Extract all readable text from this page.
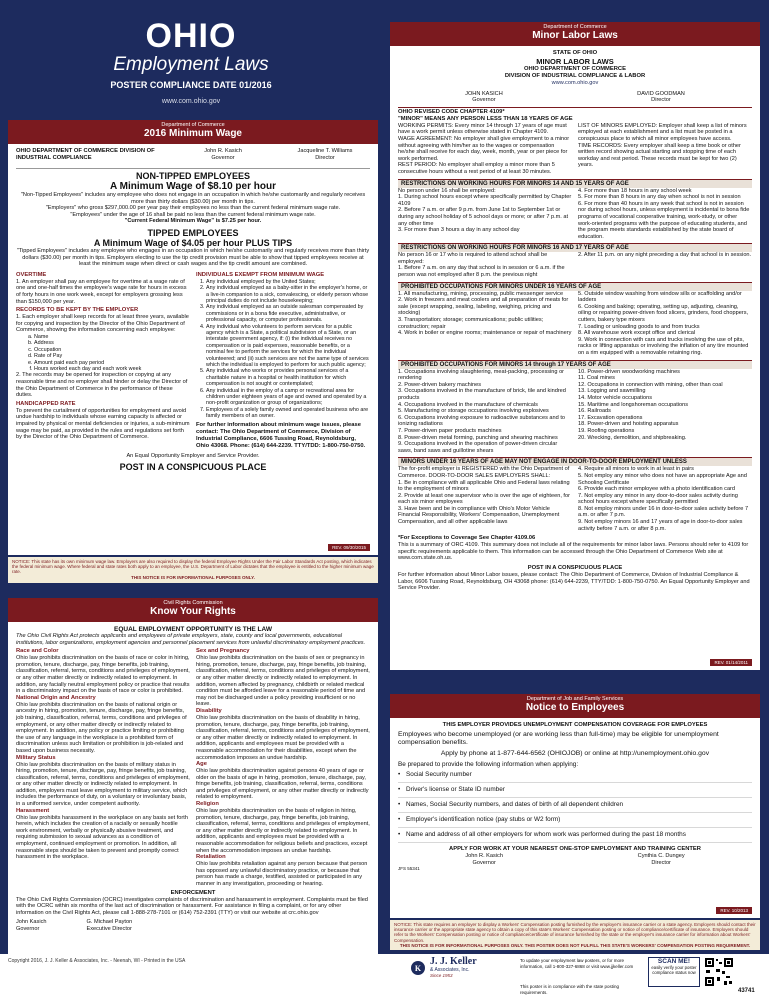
OHIO
Employment Laws
POSTER COMPLIANCE DATE 01/2016
www.com.ohio.gov
Department of Commerce
2016 Minimum Wage
OHIO DEPARTMENT OF COMMERCE DIVISION OF INDUSTRIAL COMPLIANCE
John R. Kasich
Governor
Jacqueline T. Williams
Director
NON-TIPPED EMPLOYEES
A Minimum Wage of $8.10 per hour
"Non-Tipped Employees" includes any employee who does not engage in an occupation in which he/she customarily and regularly receives more than thirty dollars ($30.00) per month in tips.
"Employers" who gross $297,000.00 per year pay their employees no less than the current federal minimum wage rate.
"Employees" under the age of 16 shall be paid no less than the current federal minimum wage rate.
"Current Federal Minimum Wage" is $7.25 per hour.
TIPPED EMPLOYEES
A Minimum Wage of $4.05 per hour PLUS TIPS
"Tipped Employees" includes any employee who engages in an occupation in which he/she customarily and regularly receives more than thirty dollars ($30.00) per month in tips. Employers electing to use the tip credit provision must be able to show that tipped employees receive at least the minimum wage when direct or cash wages and the tip credit amount are combined.
OVERTIME
1. An employer shall pay an employee for overtime at a wage rate of one and one-half times the employee's wage rate for hours in excess of forty hours in one work week, except for employers grossing less than $150,000 per year.
RECORDS TO BE KEPT BY THE EMPLOYER
1. Each employer shall keep records for at least three years, available for copying and inspection by the Director of the Ohio Department of Commerce, showing the information concerning each employee:
a. Name
b. Address
c. Occupation
d. Rate of Pay
e. Amount paid each pay period
f. Hours worked each day and each work week
2. The records may be opened for inspection or copying at any reasonable time and no employer shall hinder or delay the Director of the Ohio Department of Commerce in the performance of these duties.
HANDICAPPED RATE
To prevent the curtailment of opportunities for employment and avoid undue hardship to individuals whose earning capacity is affected or impaired by physical or mental deficiencies or injuries, a sub-minimum wage may be paid, as provided in the rules and regulations set forth by the Director of the Ohio Department of Commerce.
INDIVIDUALS EXEMPT FROM MINIMUM WAGE
1. Any individual employed by the United States;
2. Any individual employed as a baby-sitter in the employer's home, or a live-in companion to a sick, convalescing, or elderly person whose principal duties do not include housekeeping;
3. Any individual employed as an outside salesman compensated by commissions or in a bona fide executive, administrative, or professional capacity, or computer professionals.
4. Any individual who volunteers to perform services for a public agency which is a State, a political subdivision of a State, or an interstate government agency, if: (i) the individual receives no compensation or is paid expenses, reasonable benefits, or a nominal fee to perform the services for which the individual volunteered; and (ii) such services are not the same type of services which the individual is employed to perform for such public agency;
5. Any individual who works or provides personal services of a charitable nature in a hospital or health institution for which compensation is not sought or contemplated;
6. Any individual in the employ of a camp or recreational area for children under eighteen years of age and owned and operated by a non-profit organization or group of organizations;
7. Employees of a solely family owned and operated business who are family members of an owner.
For further information about minimum wage issues, please contact: The Ohio Department of Commerce, Division of Industrial Compliance, 6606 Tussing Road, Reynoldsburg, Ohio 43068. Phone: (614) 644-2239. TTY/TDD: 1-800-750-0750.
An Equal Opportunity Employer and Service Provider.
POST IN A CONSPICUOUS PLACE
REV. 09/30/2015
NOTICE: This state has its own minimum wage law. Employers are also required to display the federal Employee Rights Under the Fair Labor Standards Act posting, which indicates the federal minimum wage. Where federal and state rates both apply to an employee, the U.S. Department of Labor dictates that the employee is entitled to the higher minimum wage rate.
THIS NOTICE IS FOR INFORMATIONAL PURPOSES ONLY.
Civil Rights Commission
Know Your Rights
EQUAL EMPLOYMENT OPPORTUNITY IS THE LAW
The Ohio Civil Rights Act protects applicants and employees of private employers, state, county and local governments, educational institutions, labor organizations, employment agencies and personnel placement services from unlawful discriminatory employment practices.
Race and Color
Ohio law prohibits discrimination on the basis of race or color in hiring, promotion, tenure, discharge, pay, fringe benefits, job training, classification, referral, terms, conditions and privileges of employment, or any other matter directly or indirectly related to employment. In addition, any facially neutral employment policy or practice that results in a discriminatory impact on the basis of race or color is prohibited.
National Origin and Ancestry
Ohio law prohibits discrimination on the basis of national origin or ancestry in hiring, promotion, tenure, discharge, pay, fringe benefits, job training, classification, referral, terms, conditions and privileges of employment, or any other matter directly or indirectly related to employment. In addition, any policy or practice limiting or prohibiting the use of any language in the workplace is a prohibited form of discrimination unless such limitation or prohibition is job-related and based upon business necessity.
Military Status
Ohio law prohibits discrimination on the basis of military status in hiring, promotion, tenure, discharge, pay, fringe benefits, job training, classification, referral, terms, conditions and privileges of employment, or any other matter directly or indirectly related to employment. In addition, employers must leave employment to military service, which includes the performance of duty, on a voluntary or involuntary basis, in a uniformed service, under competent authority.
Harassment
Ohio law prohibits harassment in the workplace on any basis set forth herein, which includes the creation of a racially or sexually hostile work environment, verbally or physically abusive treatment, and requiring submission to sexual advances as a condition of employment, continued employment or promotion. In addition, all reasonable steps should be taken to prevent and promptly correct harassment in the workplace.
Sex and Pregnancy
Ohio law prohibits discrimination on the basis of sex or pregnancy in hiring, promotion, tenure, discharge, pay, fringe benefits, job training, classification, referral, terms, conditions and privileges of employment, or any other matter directly or indirectly related to employment. In addition, women affected by pregnancy, childbirth or related medical condition must be afforded leave for a reasonable period of time and may not be discharged under a policy providing insufficient or no leave.
Disability
Ohio law prohibits discrimination on the basis of disability in hiring, promotion, tenure, discharge, pay, fringe benefits, job training, classification, referral, terms, conditions and privileges of employment, or any other matter directly or indirectly related to employment. In addition, applicants and employees must be provided with a reasonable accommodation for their disabilities, except when the accommodation imposes an undue hardship.
Age
Ohio law prohibits discrimination against persons 40 years of age or older on the basis of age in hiring, promotion, tenure, discharge, pay, fringe benefits, job training, classification, referral, terms, conditions and privileges of employment, or any other matter directly or indirectly related to employment.
Religion
Ohio law prohibits discrimination on the basis of religion in hiring, promotion, tenure, discharge, pay, fringe benefits, job training, classification, referral, terms, conditions and privileges of employment, or any other matter directly or indirectly related to employment. In addition, applicants and employees must be provided with a reasonable accommodation for religious beliefs and practices, except when the accommodation imposes an undue hardship.
Retaliation
Ohio law prohibits retaliation against any person because that person has opposed any unlawful discriminatory practice, or because that person has made a charge, testified, assisted or participated in any manner in any investigation, proceeding or hearing.
ENFORCEMENT
The Ohio Civil Rights Commission (OCRC) investigates complaints of discrimination and harassment in employment. Complaints must be filed with the OCRC within six months of the last act of discrimination or harassment. For assistance in filing a complaint, or for any other information on the Civil Rights Act, please call 1-888-278-7101 or (614) 752-2391 (TTY) or visit our website at crc.ohio.gov
John Kasich
Governor
G. Michael Payton
Executive Director
Department of Commerce
Minor Labor Laws
STATE OF OHIO
MINOR LABOR LAWS
OHIO DEPARTMENT OF COMMERCE
DIVISION OF INDUSTRIAL COMPLIANCE & LABOR
www.com.ohio.gov
JOHN KASICH
Governor
DAVID GOODMAN
Director
OHIO REVISED CODE CHAPTER 4109*
"MINOR" MEANS ANY PERSON LESS THAN 18 YEARS OF AGE
WORKING PERMITS: Every minor 14 through 17 years of age must have a work permit unless otherwise stated in Chapter 4109.
WAGE AGREEMENT: No employer shall give employment to a minor without agreeing with him/her as to the wages or compensation he/she shall receive for each day, week, month, year or per piece for work performed.
REST PERIOD: No employer shall employ a minor more than 5 consecutive hours without a rest period of at least 30 minutes.
LIST OF MINORS EMPLOYED: Employer shall keep a list of minors employed at each establishment and a list must be posted in a conspicuous place to which all minor employees have access.
TIME RECORDS: Every employer shall keep a time book or other written record showing actual starting and stopping time of each workday and rest period. These records must be kept for two (2) years.
RESTRICTIONS ON WORKING HOURS FOR MINORS 14 AND 15 YEARS OF AGE
No person under 16 shall be employed:
1. During school hours except where specifically permitted by Chapter 4109
2. Before 7 a.m. or after 9 p.m. from June 1st to September 1st or during any school holiday of 5 school days or more; or after 7 p.m. at any other time
3. For more than 3 hours a day in any school day
4. For more than 18 hours in any school week
5. For more than 8 hours in any day when school is not in session
6. For more than 40 hours in any week that school is not in session nor during school hours, unless employment is incidental to bona fide programs of vocational cooperative training, work-study, or other work-oriented programs with the purpose of educating students, and the program meets standards established by the state board of education.
RESTRICTIONS ON WORKING HOURS FOR MINORS 16 AND 17 YEARS OF AGE
No person 16 or 17 who is required to attend school shall be employed:
1. Before 7 a.m. on any day that school is in session or 6 a.m. if the person was not employed after 8 p.m. the previous night
2. After 11 p.m. on any night preceding a day that school is in session.
PROHIBITED OCCUPATIONS FOR MINORS UNDER 16 YEARS OF AGE
1. All manufacturing, mining, processing, public messenger service
2. Work in freezers and meat coolers and all preparation of meats for sale (except wrapping, sealing, labeling, weighing, pricing and stocking)
3. Transportation; storage; communications; public utilities; construction; repair
4. Work in boiler or engine rooms; maintenance or repair of machinery
5. Outside window washing from window sills or scaffolding and/or ladders
6. Cooking and baking; operating, setting up, adjusting, cleaning, oiling or repairing power-driven food slicers, grinders, food choppers, cutters, bakery type mixers
7. Loading or unloading goods to and from trucks
8. All warehouse work except office and clerical
9. Work in connection with cars and trucks involving the use of pits, racks or lifting apparatus or involving the inflation of any tire mounted on a rim equipped with a removable retaining ring.
PROHIBITED OCCUPATIONS FOR MINORS 14 through 17 YEARS OF AGE
1. Occupations involving slaughtering, meat-packing, processing or rendering
2. Power-driven bakery machines
3. Occupations involved in the manufacture of brick, tile and kindred products
4. Occupations involved in the manufacture of chemicals
5. Manufacturing or storage occupations involving explosives
6. Occupations involving exposure to radioactive substances and to ionizing radiations
7. Power-driven paper products machines
8. Power-driven metal forming, punching and shearing machines
9. Occupations involved in the operation of power-driven circular saws, band saws and guillotine shears
10. Power-driven woodworking machines
11. Coal mines
12. Occupations in connection with mining, other than coal
13. Logging and sawmilling
14. Motor vehicle occupations
15. Maritime and longshoreman occupations
16. Railroads
17. Excavation operations
18. Power-driven and hoisting apparatus
19. Roofing operations
20. Wrecking, demolition, and shipbreaking.
MINORS UNDER 16 YEARS OF AGE MAY NOT ENGAGE IN DOOR-TO-DOOR EMPLOYMENT UNLESS
The for-profit employer is REGISTERED with the Ohio Department of Commerce. DOOR-TO-DOOR SALES EMPLOYERS SHALL:
1. Be in compliance with all applicable Ohio and Federal laws relating to the employment of minors
2. Provide at least one supervisor who is over the age of eighteen, for each six minor employees
3. Have been and be in compliance with Ohio's Motor Vehicle Financial Responsibility, Workers' Compensation, Unemployment Compensation, and all other applicable laws
4. Require all minors to work in at least in pairs
5. Not employ any minor who does not have an appropriate Age and Schooling Certificate
6. Provide each minor employee with a photo identification card
7. Not employ any minor in any door-to-door sales activity during school hours except where specifically permitted
8. Not employ minors under 16 in door-to-door sales activity before 7 a.m. or after 7 p.m.
9. Not employ minors 16 and 17 years of age in door-to-door sales activity before 7 a.m. or after 8 p.m.
*For Exceptions to Coverage See Chapter 4109.06
This is a summary of ORC 4109. This summary does not include all of the requirements for minor labor laws. Persons should refer to 4109 for specific requirements applicable to them. This information can be accessed through the Ohio Department of Commerce Web site at www.com.state.oh.us.
POST IN A CONSPICUOUS PLACE
For further information about Minor Labor issues, please contact: The Ohio Department of Commerce, Division of Industrial Compliance & Labor, 6606 Tussing Road, Reynoldsburg, OH 43068 phone: (614) 644-2239, TTY/TDD: 1-800-750-0750. An Equal Opportunity Employer and Service Provider.
REV. 01/14/2011
Department of Job and Family Services
Notice to Employees
THIS EMPLOYER PROVIDES UNEMPLOYMENT COMPENSATION COVERAGE FOR EMPLOYEES
Employees who become unemployed (or are working less than full-time) may be eligible for unemployment compensation benefits.
Apply by phone at 1-877-644-6562 (OHIOJOB) or online at http://unemployment.ohio.gov
Be prepared to provide the following information when applying:
• Social Security number
• Driver's license or State ID number
• Names, Social Security numbers, and dates of birth of all dependent children
• Employer's identification notice (pay stubs or W2 form)
• Name and address of all other employers for whom work was performed during the past 18 months
APPLY FOR WORK AT YOUR NEAREST ONE-STOP EMPLOYMENT AND TRAINING CENTER
John R. Kasich
Governor
Cynthia C. Dungey
Director
JFS 55341
REV. 10/2013
NOTICE: This state requires an employer to display a Workers' Compensation posting furnished by the employer's insurance carrier or a state agency. Employers should contact their insurance carrier or the appropriate state agency to obtain a copy of this state's Workers' Compensation posting or notice of compliance/certificate of insurance. Employers should refer to the Workers' Compensation posting or notice of compliance/certificate of insurance furnished by the state or the employer's insurance carrier for information about Workers' Compensation.
THIS NOTICE IS FOR INFORMATIONAL PURPOSES ONLY. THIS POSTER DOES NOT FULFILL THIS STATE'S WORKERS' COMPENSATION POSTING REQUIREMENT.
Copyright 2016, J. J. Keller & Associates, Inc. - Neenah, WI - Printed in the USA
K
J. J. Keller
& Associates, Inc.
Since 1953
To update your employment law posters, or for more information, call 1-800-327-6868 or visit www.jjkeller.com
This poster is in compliance with the state posting requirements.
SCAN ME!
easily verify your poster compliance status now
43741
